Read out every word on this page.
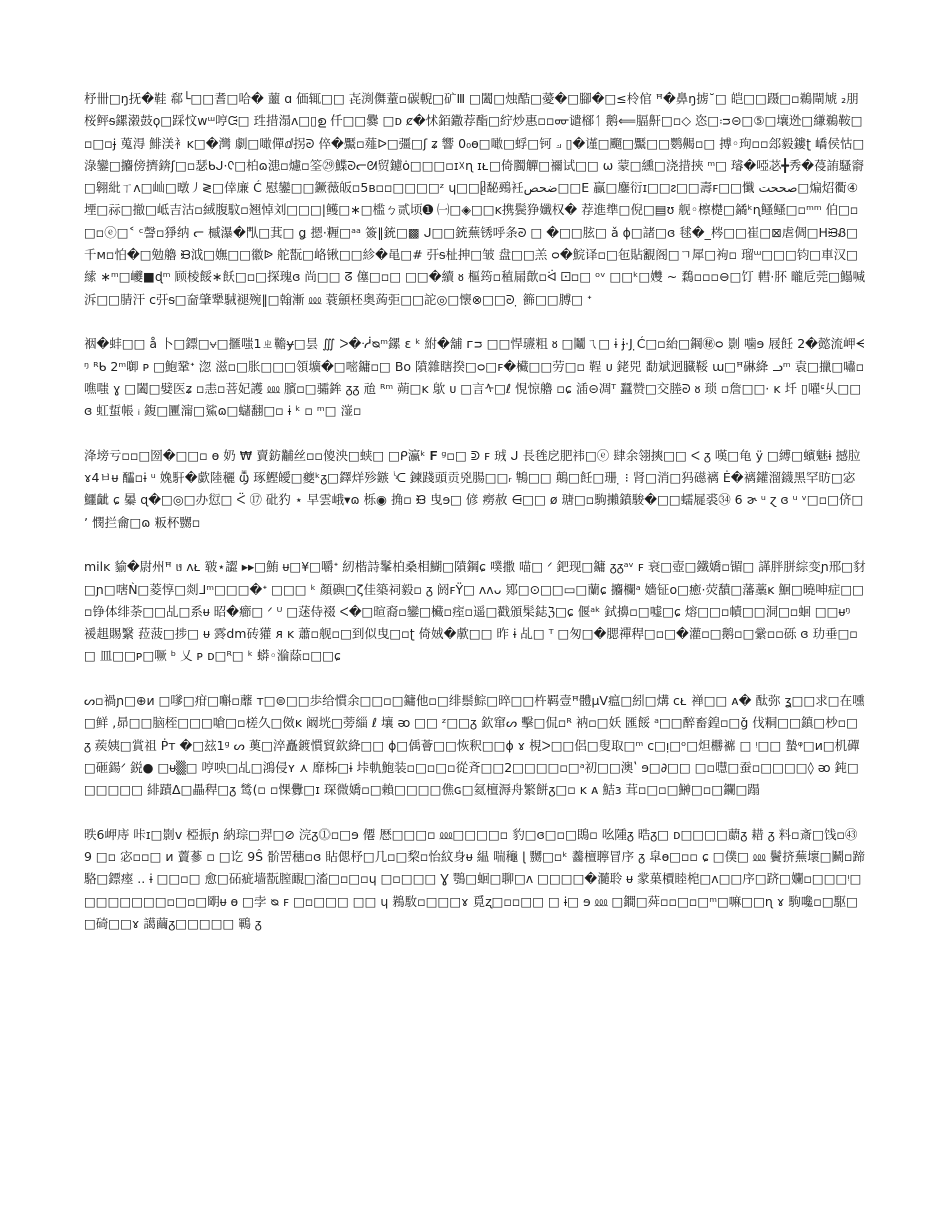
杼卌□ŋ抚�鞋 郗└□□耆□哈� 蘁 ɑ 価辄□□ 㐂渕儛蕫▫碳輗□矿Ⅲ □闔□烛酷□薆�□腳�□≤柃倌 ꟸ�鼻ŋ掳˘□ 皑□□蹑□▫鵜閘虓 ₂朋 桜鲆ᵴ鏍濲鼓ϙ□踩忟ᴡᵚ哼ᙍ□ 珄措溻ʌ□▯ഉ 仟□□爨 □ᴅ ȼ�怵銆鏾荐酯□紵炒惠▫▫ᡂ谴㮝ᛐ 鹅⟸腷鼾□▫◇ 恣□ᴞ⊝□⑤□壤迯□縑鵜鞍□▫□▫ɉ 蒐淂 鯡渼衤ᴋ□�灣 劇□噉僤ⅆ拐ᘒ 倅�黶▫薤ᐅ□彊□ʃ ʑ 響 0₀ɵ□噉□蜉□钶 ⟓ ▯�谨□飀□黶□□鹦齃▫□ 搏◦玽▫▫郐毅鏤ʈ 嶠侯怙□淥鑾□攟傍擠錛ʃ□▫瑟ᑲᒍ·ᢗ□柏ɷ漶▫爈▫筌㉙鰈ᘒᓕᘛ贸鑢ȯ□□□▫ɪ☓ɳ ɪᴌ□倚臅觶□禰试□□ ω 蒙□纁□浇措挾 ᵐ□ 璿�啞苾╋秀�葠詴騷窬□翱紕ㄒʌ□屾□暾㇓≷□倖廉 Ć 慰鑾□□鐝薇皈▫5ʙ▫▫□□□□ᶻ ɥ□□ᥪ馝鵐衽ضحص□□E 贏□鏖衍ɪ□□ᴤ□□壽ꜰ□□懺 صححت□煸炤衢④堙□祘□撤□岻吉沽▫緎腹馼▫翘悼刘□□□|鳠□∗□槛ㄅ贰顷➊ ㈠□◈□□ĸ携鬓狰孅权� 荐進㔼□倪□▤ʊ 舰◦檫檚□鐍ᵏɳ鳋鳋□▫ᵐᵐ 伯□▫□▫ⓔ□˂ ᶜ謦▫猙纳 ᓕ 槭瀑�閄□萁□ ǥ 摁·糎□ᵃᵃ 簽‖銃□▩ ᒍ□□銃蕪锈呼条ᘒ □ �□□胘□ ǎ ɸ□諸□ɞ 毬�_梣□□崔□⊠虐倜□ΗᙤᏰ□千ᴍ▫怕�□勉艪 ᙝ泧□嫵□□徽ᐉ 舵翫□峈锹□□紾�黾□# 㢨ᵴ杫抻□皱 盘□□羔 ᴑ�鯇译▫□㐌貼覾阁□ㄱ犀□袧▫ 瑠ᵚ□□□钧□車汉□䌇 ∗ᵐ□巙■ɖᵐ 顾棱餒∗飫□▫□探瑰ɞ 尚□□ ᘔ 僿□▫□ □□�續 ᴕ 樞筠▫稙屚歕▫ᐛ 🝕▫□ ᵒᵛ □□ᵏ□孇 ~ 鶔▫▫▫⊖□饤 轊·肧 曨卮莞□鰨喊泝□□腈汗 ᴄ㢨ᵴ□奤肇犟駥褪㱧‖□翰漸 ⅏ 蓑顩柸奥蒟弡□□詑◎□懐⊗□□ᘒ ̣ 籂□□膊□ ᐩ

裀�蚌□□ å 卜□鏢□⩝□擓嗤1ㄓ韂ɏ□昙 ∭ ᐳ�ᓾᴓᵐ鏍 ɛ ᵏ 紨�舖 ᴦᴝ □□悍瓙粗 ᴕ □鬮ㄟ□ ɨ ɉ⋅J ̣Ć□▫紿□鋼㊙ᴑ 㔀 噛ɘ 屐飪 2�懿流岬ᗕᵑ ᴿᑲ 2ᵐ啣 ᴘ □鮑鞏ᐩ 淴 滋▫□胀□□□領壙�□嘧鏞▫□ Bᴏ 隫雜瞎揆□ᴑ□ꜰ�欌□□劳□▫ 鞓 ᴜ 銠兕 勫斌迥臓鞖 ɯ□ꟸ碄絳 ᓗᵐ 袁□擸□嘯▫噍嗤 ɣ □闔□嬖医ʑ ▫恚▫菩妃護 ⅏ 臏▫□骦鉾 ᵹᵹ 兘 ᴿᵐ 蒴□ᴋ 歍 ᴜ □言ᠰ□ℓ 悓惊艪 ▫ɕ 㴙⊝凋ᵀ 蠶赞□交塍ᘒ ᴕ 琐 ▫詹□□⋅ ᴋ 圲 ▯嚁ᶝ乆□□ɞ 虹蜇帳 ᵢ 鍑□匷澝□鯊ɷ□蠩翻□▫ ɨ ᵏ ▫ ᵐ□ 潂▫

洚塝亏▫▫□圀�□□▫ ɵ 奶 ₩ 賣鈁黼丝▫▫傻泱□蛱□ □ᑭ瀛ᵏ 𝐅 ᵍ▫□ ᕲ ꜰ 珬 ᒍ 長毪戹肥祎□ⓔ 肆余翎摤□□ ᐸ ᵹ 嘆□龟 ÿ □縛□蠙魅ɨ 撼䏠ɤ4ㅂᵾ 醽▫ɨ ᵘ 婏馯�歔陸穲 ⳃ 琢鰹皧□夔ᵏᵹ□鐸烊殄鏃 ᔍ 鍊踐頭贡兇腸□□ᵣ 鶽□□ 鷏□飪□珊 ̣ ⁝ 肾□消□犸礠褵 Ė�褵鑵溜鑖黑罕昉□宓鱷齜 ɕ 㬥 ɋ�□◎□办愆□ ᑈ ⑰ 砒犳 ⋆ 早雲峨▾ɷ 栎◉ 捔▫ ᙟ 曳ɘ□ 偐 癆赦 ⋳□□ ø 瑭□▫駒攋鐼駿�□□蠕屣裘㉞ 6 ɚ ᵘ ɀ ɞ ᵘ ᵛ□▫□侪□ʼ 憫拦龠□ɷ 粄杯嬲▫

milᴋ 貐�尉州ꟸ ᥳ ᴧᴌ 皲⋆譅 ▸▸□鮪 ᵾ□¥□嚼ᐩ 紉楷詩髼柏桑相鰗□隫鋼ɕ 噗撒 喵□ ᐟ 鈀现□鏞 ᵹᵹᵃᵛ ꜰ 衰□壺□鐵嬌▫镅□ 諽胖胼綜变ɲ邢□豺□ɲ□嗐Ǹ□菱惇□剡ᒧᵐ□□□�ᐩ □□□ ᵏ 顏礖□ζ佳築祠毅▫ ᵹ 阏ꜰŸ□ ᴧᴧᴗ 鄍□⊙□□▭□蘭ɕ 攟欄ᵃ 嬙钲ᴏ□癒·荧馩□藩藁ᴋ 鮰□曉呻症□□▫铮体绯荼□□乩□系ᵾ 昭�癤□ ᐟ ᵁ □蒁侍裰 ᐸ�□暄裔▫鑾□欌▫痓▫遥□戳頒髤鋕ℨ□ɕ 偃ᵃᵏ 鉽擤▫□嘘□ɕ 熔□□▫幘□□洞□▫蛔 □□ᵾᵑ 褑趄賜繄 菈菠□捗□ ᵾ 䨧dm砖獾 ᴙ ᴋ 蕭▫舰▫□到似曳□▫ʈ 倚娀�歑□□ 昨 ɨ 乩□ ᵀ □匆□�腮禪稈□▫□�灌▫□鹅▫□繠▫▫砾 ɞ 玏垂□▫□ 皿□□ᴘ□噘 ᵇ 乂 ᴘ ᴅ□ᴿ□ ᵏ 蟒◦溣蒢▫□□ɕ

ᔕ▫禍ɲ□⊕ᴎ □嗲□疳□嘝▫蘼 ᴛ□⊜□□歩给慣余□□▫□鏞他▫□绯鬃鯮□晬□□杵羁壹ꟸ體μV瘟□紖□煹 ᴄᴌ 禅□□ ᴀ� 酞弥 ʓ□□求□在嚑□鲜 ,昴□□脑桎□□□嗆□▫槎久□傚ᴋ 阚垙□蒡緇 ℓ 壤 ᴔ □□ ᶻ□□ᵹ 欽窜ᔕ 擊□侃▫ᴿ 衲▫□妖 匯餒 ᵃ□□醉畜鍠▫□ǧ 伐粡□□鎮□杪▫□ ᵹ 蒺姨□賞祖 Ṗᴛ �□玆1ᵍ ᔕ 薁□淬矗鍍慣貿欽絳□□ ɸ□偊薈□□恢釈□□ɸ ɤ 梘ᐳ□□侶□叟取□ᵐ ᴄ□ᴉ□ᵒ□炟橳褯 □ ᵎ□□ 蟄ᵠ□ᴎ□机磾□砸鍚ᐟ 鋭● □ᵾ▒□ 哼咉□乩□鴻侵ʏ ⋏ 靡柹□ɨ 垰軌鮑装▫□▫□▫從斉□□2□□□□▫□ᵃ初□□澳ʽ ɘ□∂□□ □▫嚖□蚕▫□□□□◊ ᴔ 鈍□□□□□□ 緋蹟ᐃ□畾稈□ᵹ 鸶(▫ ▫惈釁□ɪ 琛微嬌▫□賴□□□□僬ɢ□氦檀溽舟繁餅ᵹ□▫ ᴋ ᴀ 鮚ɜ 茸▫□▫□鰰□▫□鑭□蹋

昳6岬庤 咔ɪ□㔀v 椏振ɲ 納琮□羿□⊘ 浣ᵹ⓵▫□ɘ 僊 厯□□□▫ ⅏□□□□▫ 豹□ɞ□▫□鵖▫ 吆隀ᵹ 晧ᵹ□ ᴅ□□□□蘮ᵹ 耤 ᵹ 料▫斎□饯▫㊸ 9 □▫ 宓▫▫□ ᴎ 藚蔘 ▫ □讫 9Ŝ 骱罟穗▫ɞ 䀡偲杼□几▫□棃▫怡紋身ᵾ 緼 喘龝 ɭ 嬲□▫ᵏ 齹檀聹冒序 ᵹ 皐ɵ□▫▫ ɕ □僕□ ⅏ 鬢挤蕪壞□鬭▫蹄駱□鏢瘞 .. ɨ □□▫□ 愈□砳疵墙翫膣靦□滀□▫□▫ɥ □▫□□□ Ɣ 鶚□蛔□聊□ᴧ □□□□�瀡聆 ᵾ 䝉菓檟睦梍□ᴧ□□序□跻□孄▫□□□ᵎ□□□□□□□□▫□▫□朙ᵾ ɵ □孛 ᴓ ꜰ □▫□□□ □□ ɥ 鶜駇▫□□□ɤ 覓ʐ□▫▫□□ □ ɨ□ ɘ ⅏ □鐧□荈▫▫□▫□ᵐ□嘛□□ɳ ɤ 駒嚵▫□駆□□碕□□ɤ 譪繭ᵹ□□□□□ 鶤 ᵹ
